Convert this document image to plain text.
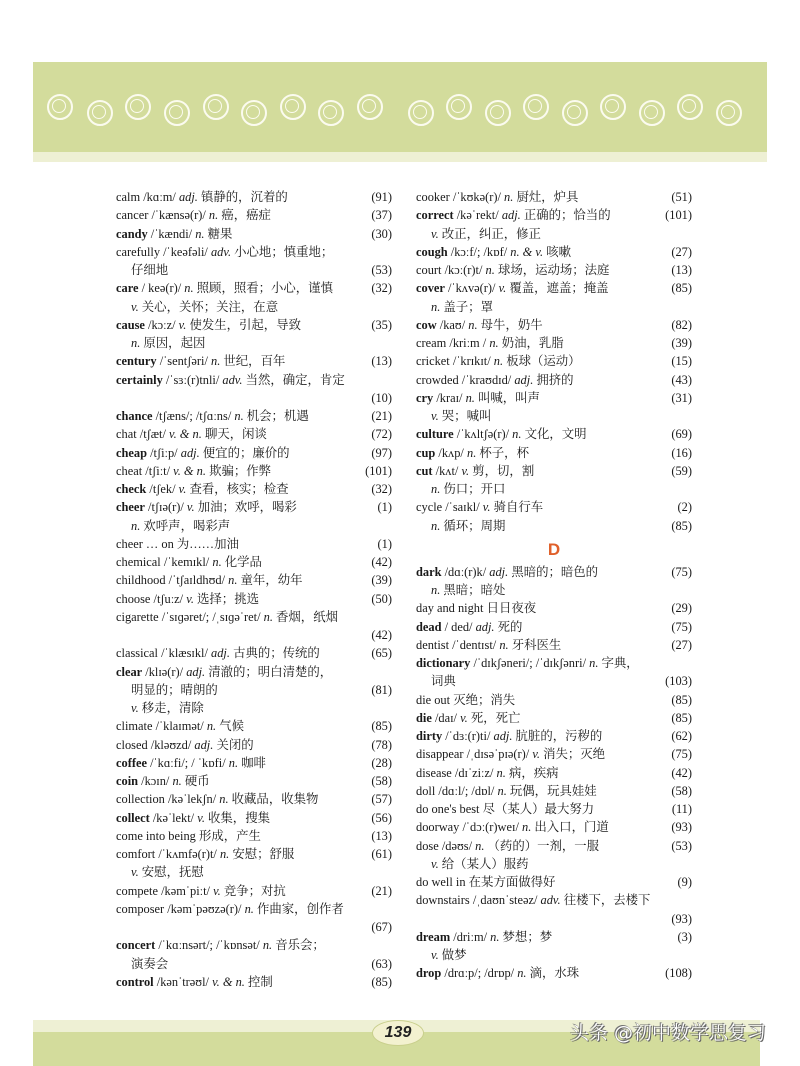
calm /kɑːm/ adj. 镇静的，沉着的	(91)
cancer /ˈkænsə(r)/ n. 癌，癌症	(37)
candy /ˈkændi/ n. 糖果	(30)
carefully /ˈkeəfəli/ adv. 小心地；慎重地；
仔细地	(53)
care / keə(r)/ n. 照顾，照看；小心，谨慎	(32)
v. 关心，关怀；关注，在意
cause /kɔːz/ v. 使发生，引起，导致	(35)
n. 原因，起因
century /ˈsentʃəri/ n. 世纪，百年	(13)
certainly /ˈsɜː(r)tnli/ adv. 当然，确定，肯定
(10)
chance /tʃæns/; /tʃɑːns/ n. 机会；机遇	(21)
chat /tʃæt/ v. & n. 聊天，闲谈	(72)
cheap /tʃiːp/ adj. 便宜的；廉价的	(97)
cheat /tʃiːt/ v. & n. 欺骗；作弊	(101)
check /tʃek/ v. 查看，核实；检查	(32)
cheer /tʃɪə(r)/ v. 加油；欢呼，喝彩	(1)
n. 欢呼声，喝彩声
cheer … on 为……加油	(1)
chemical /ˈkemɪkl/ n. 化学品	(42)
childhood /ˈtʃaɪldhʊd/ n. 童年，幼年	(39)
choose /tʃuːz/ v. 选择；挑选	(50)
cigarette /ˈsɪɡəret/; /ˌsɪɡəˈret/ n. 香烟，纸烟
(42)
classical /ˈklæsɪkl/ adj. 古典的；传统的	(65)
clear /klɪə(r)/ adj. 清澈的；明白清楚的，
明显的；晴朗的	(81)
v. 移走，清除
climate /ˈklaɪmət/ n. 气候	(85)
closed /kləʊzd/ adj. 关闭的	(78)
coffee /ˈkɑːfi/; / ˈkɒfi/ n. 咖啡	(28)
coin /kɔɪn/ n. 硬币	(58)
collection /kəˈlekʃn/ n. 收藏品，收集物	(57)
collect /kəˈlekt/ v. 收集，搜集	(56)
come into being 形成，产生	(13)
comfort /ˈkʌmfə(r)t/ n. 安慰；舒服	(61)
v. 安慰，抚慰
compete /kəmˈpiːt/ v. 竞争；对抗	(21)
composer /kəmˈpəʊzə(r)/ n. 作曲家，创作者
(67)
concert /ˈkɑːnsərt/; /ˈkɒnsət/ n. 音乐会；
演奏会	(63)
control /kənˈtrəʊl/ v. & n. 控制	(85)
cooker /ˈkʊkə(r)/ n. 厨灶，炉具	(51)
correct /kəˈrekt/ adj. 正确的；恰当的	(101)
v. 改正，纠正，修正
cough /kɔːf/; /kɒf/ n. & v. 咳嗽	(27)
court /kɔː(r)t/ n. 球场，运动场；法庭	(13)
cover /ˈkʌvə(r)/ v. 覆盖，遮盖；掩盖	(85)
n. 盖子；罩
cow /kaʊ/ n. 母牛，奶牛	(82)
cream /kriːm / n. 奶油，乳脂	(39)
cricket /ˈkrɪkɪt/ n. 板球（运动）	(15)
crowded /ˈkraʊdɪd/ adj. 拥挤的	(43)
cry /kraɪ/ n. 叫喊，叫声	(31)
v. 哭；喊叫
culture /ˈkʌltʃə(r)/ n. 文化，文明	(69)
cup /kʌp/ n. 杯子，杯	(16)
cut /kʌt/ v. 剪，切，割	(59)
n. 伤口；开口
cycle /ˈsaɪkl/ v. 骑自行车	(2)
n. 循环；周期	(85)
D
dark /dɑː(r)k/ adj. 黑暗的；暗色的	(75)
n. 黑暗；暗处
day and night 日日夜夜	(29)
dead / ded/ adj. 死的	(75)
dentist /ˈdentɪst/ n. 牙科医生	(27)
dictionary /ˈdɪkʃəneri/; /ˈdɪkʃənri/ n. 字典，
词典	(103)
die out 灭绝；消失	(85)
die /daɪ/ v. 死，死亡	(85)
dirty /ˈdɜː(r)ti/ adj. 肮脏的，污秽的	(62)
disappear /ˌdɪsəˈpɪə(r)/ v. 消失；灭绝	(75)
disease /dɪˈziːz/ n. 病，疾病	(42)
doll /dɑːl/; /dɒl/ n. 玩偶，玩具娃娃	(58)
do one's best 尽（某人）最大努力	(11)
doorway /ˈdɔː(r)weɪ/ n. 出入口，门道	(93)
dose /dəʊs/ n. （药的）一剂，一服	(53)
v. 给（某人）服药
do well in 在某方面做得好	(9)
downstairs /ˌdaʊnˈsteəz/ adv. 往楼下，去楼下
(93)
dream /driːm/ n. 梦想；梦	(3)
v. 做梦
drop /drɑːp/; /drɒp/ n. 滴，水珠	(108)
139	头条 @初中数学思复习
